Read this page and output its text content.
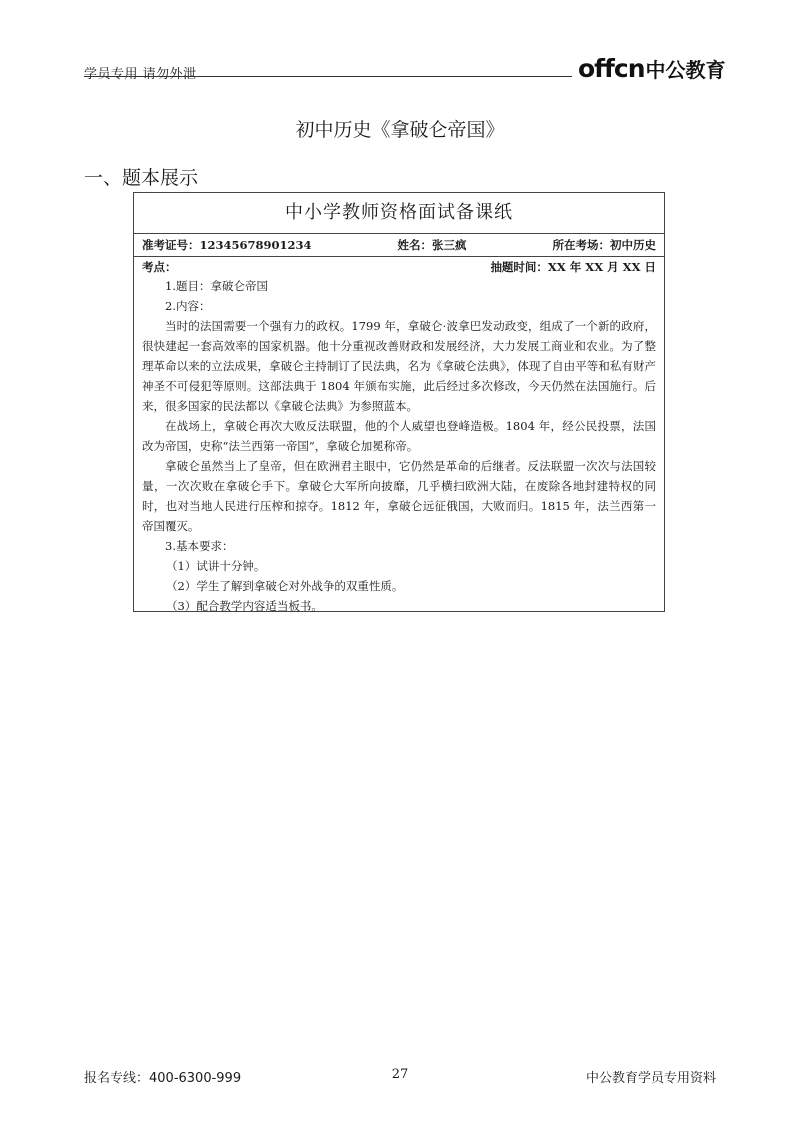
学员专用 请勿外泄	offcn 中公教育
初中历史《拿破仑帝国》
一、题本展示
中小学教师资格面试备课纸
准考证号：12345678901234	姓名：张三疯	所在考场：初中历史
考点：	抽题时间：XX 年 XX 月 XX 日

1.题目：拿破仑帝国

2.内容：

当时的法国需要一个强有力的政权。1799 年，拿破仑·波拿巴发动政变，组成了一个新的政府，很快建起一套高效率的国家机器。他十分重视改善财政和发展经济，大力发展工商业和农业。为了整理革命以来的立法成果，拿破仑主持制订了民法典，名为《拿破仑法典》，体现了自由平等和私有财产神圣不可侵犯等原则。这部法典于 1804 年颁布实施，此后经过多次修改，今天仍然在法国施行。后来，很多国家的民法都以《拿破仑法典》为参照蓝本。

在战场上，拿破仑再次大败反法联盟，他的个人威望也登峰造极。1804 年，经公民投票，法国改为帝国，史称“法兰西第一帝国”，拿破仑加冕称帝。

拿破仑虽然当上了皇帝，但在欧洲君主眼中，它仍然是革命的后继者。反法联盟一次次与法国较量，一次次败在拿破仑手下。拿破仑大军所向披靡，几乎横扫欧洲大陆，在废除各地封建特权的同时，也对当地人民进行压榨和掠夺。1812 年，拿破仑远征俄国，大败而归。1815 年，法兰西第一帝国覆灭。

3.基本要求：

（1）试讲十分钟。

（2）学生了解到拿破仑对外战争的双重性质。

（3）配合教学内容适当板书。

报名专线：400-6300-999	27	中公教育学员专用资料
